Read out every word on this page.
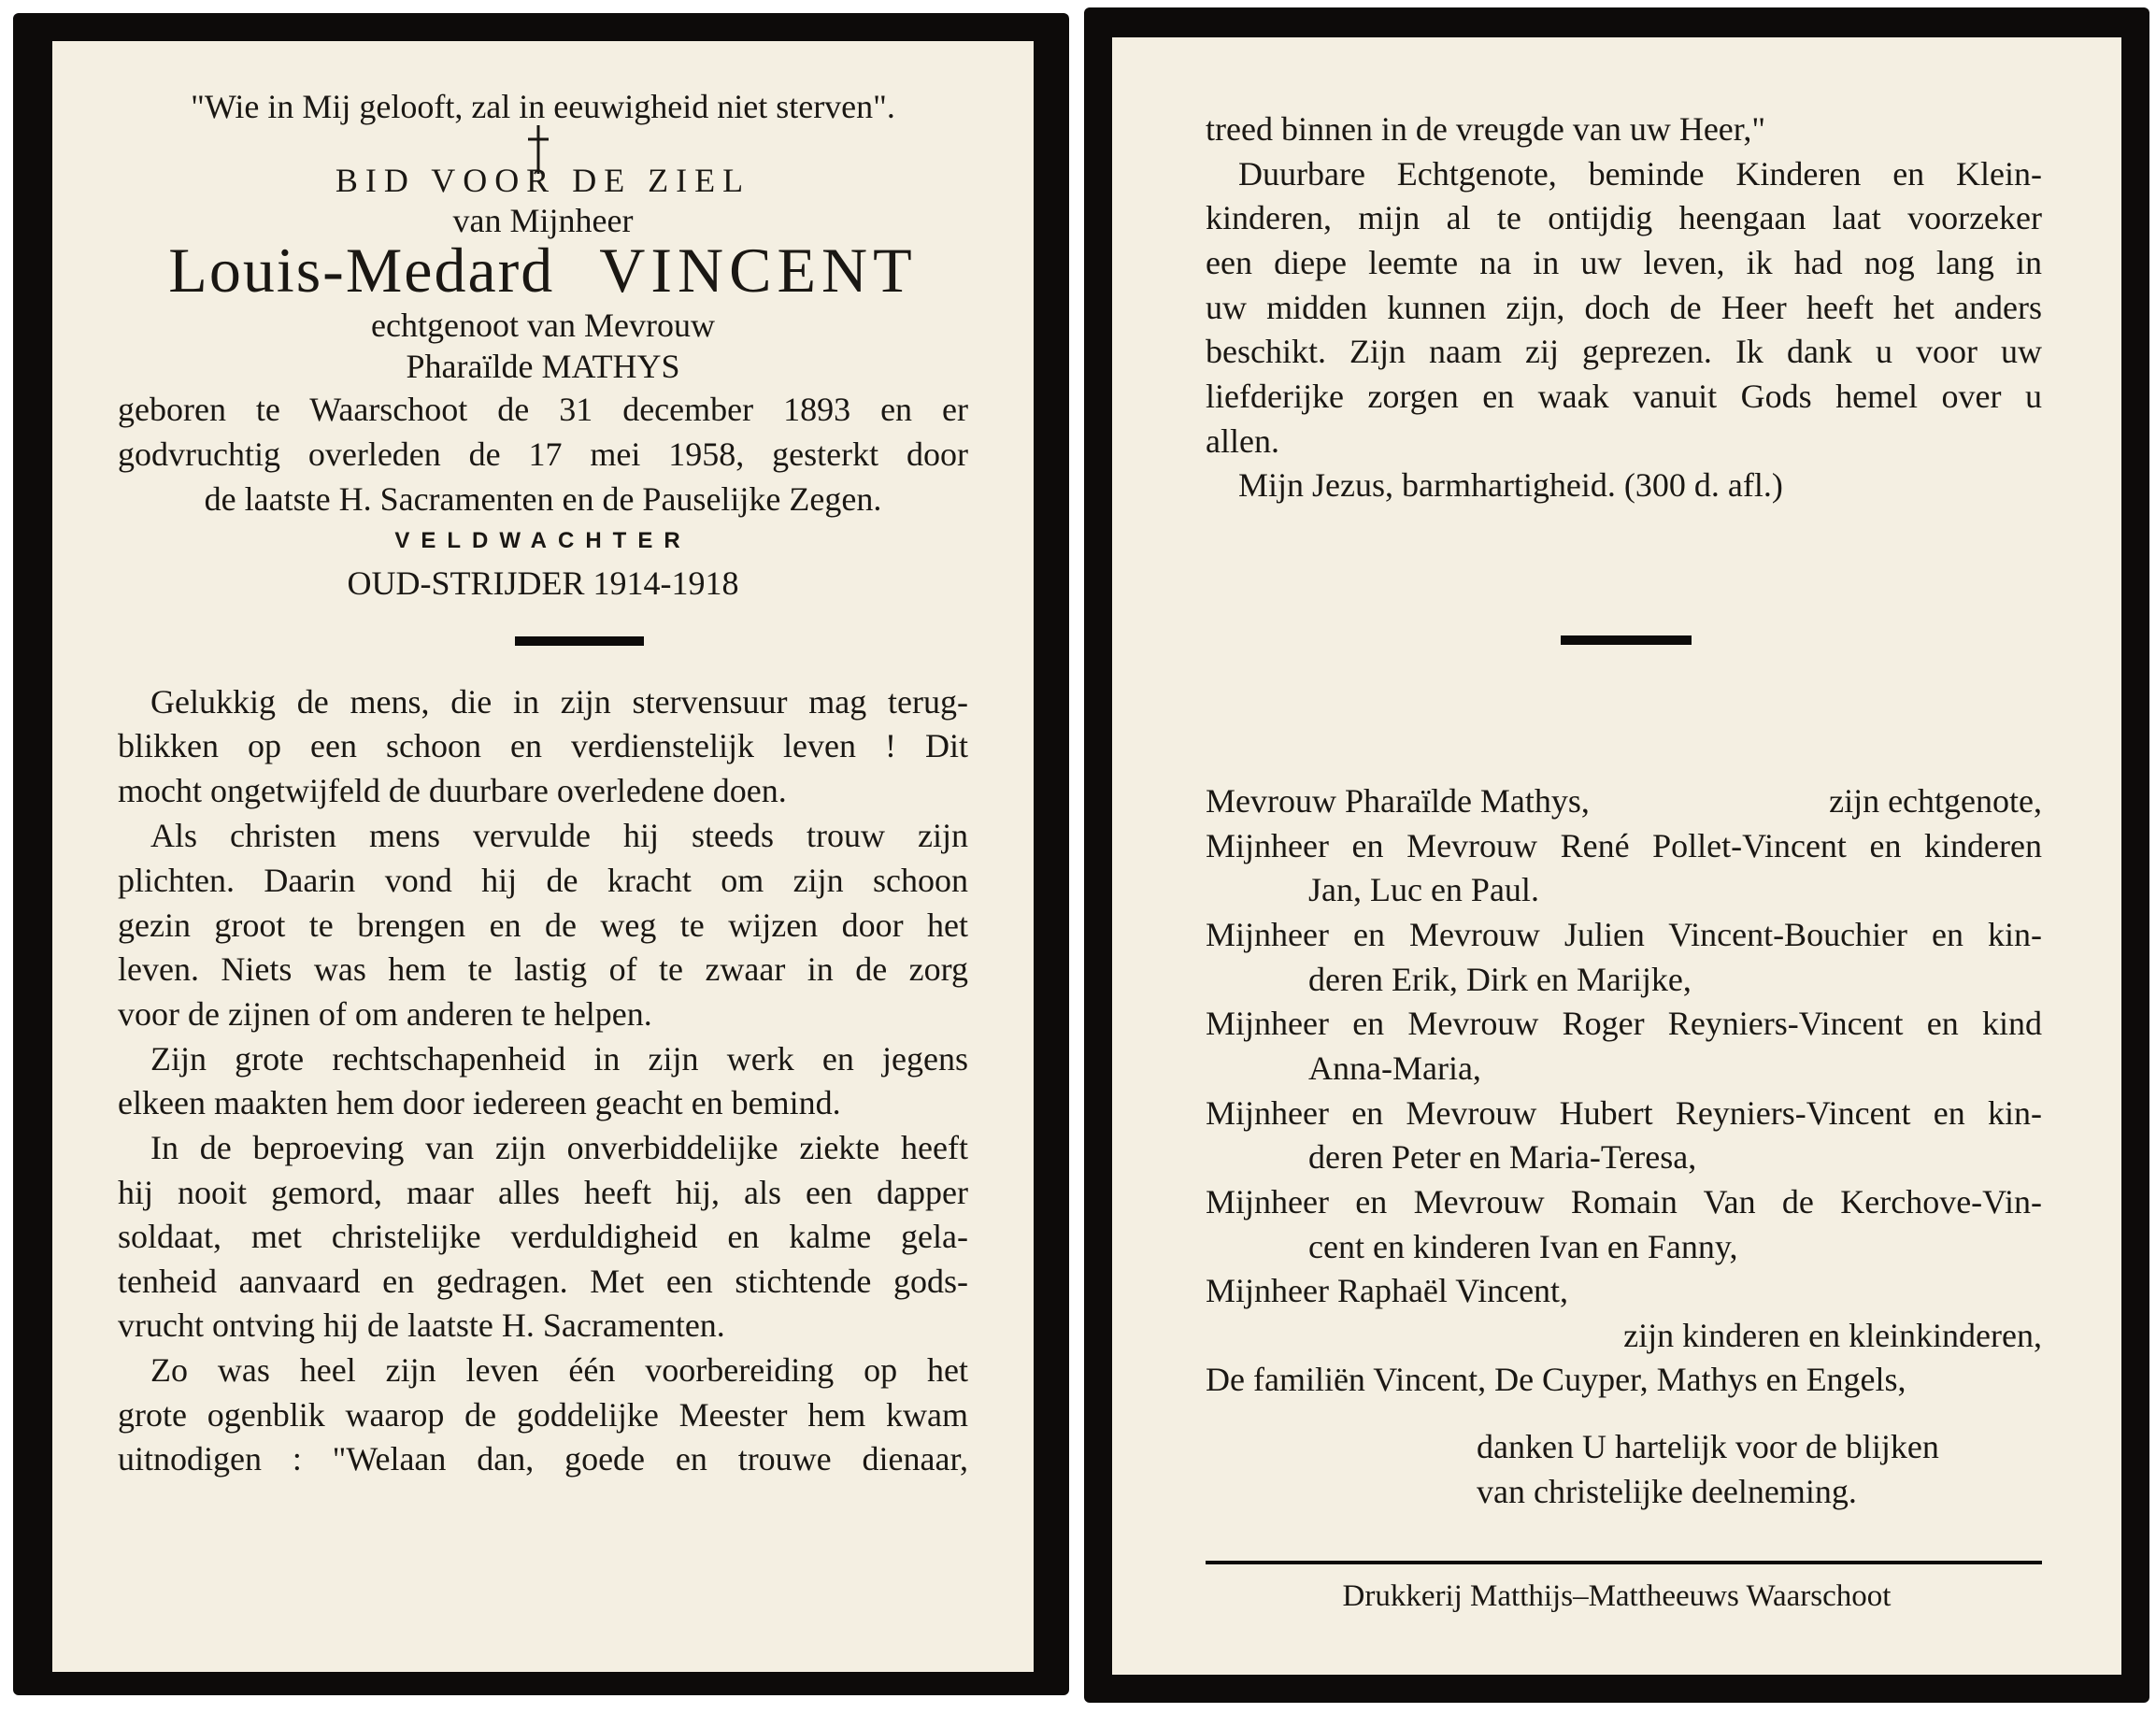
"Wie in Mij gelooft, zal in eeuwigheid niet sterven".
BID VOOR DE ZIEL
van Mijnheer
Louis-Medard VINCENT
echtgenoot van Mevrouw
Pharaïlde MATHYS
geboren te Waarschoot de 31 december 1893 en er
godvruchtig overleden de 17 mei 1958, gesterkt door
de laatste H. Sacramenten en de Pauselijke Zegen.
VELDWACHTER
OUD-STRIJDER 1914-1918
Gelukkig de mens, die in zijn stervensuur mag terug-
blikken op een schoon en verdienstelijk leven ! Dit
mocht ongetwijfeld de duurbare overledene doen.
Als christen mens vervulde hij steeds trouw zijn
plichten. Daarin vond hij de kracht om zijn schoon
gezin groot te brengen en de weg te wijzen door het
leven. Niets was hem te lastig of te zwaar in de zorg
voor de zijnen of om anderen te helpen.
Zijn grote rechtschapenheid in zijn werk en jegens
elkeen maakten hem door iedereen geacht en bemind.
In de beproeving van zijn onverbiddelijke ziekte heeft
hij nooit gemord, maar alles heeft hij, als een dapper
soldaat, met christelijke verduldigheid en kalme gela-
tenheid aanvaard en gedragen. Met een stichtende gods-
vrucht ontving hij de laatste H. Sacramenten.
Zo was heel zijn leven één voorbereiding op het
grote ogenblik waarop de goddelijke Meester hem kwam
uitnodigen : "Welaan dan, goede en trouwe dienaar,
treed binnen in de vreugde van uw Heer,"
Duurbare Echtgenote, beminde Kinderen en Klein-
kinderen, mijn al te ontijdig heengaan laat voorzeker
een diepe leemte na in uw leven, ik had nog lang in
uw midden kunnen zijn, doch de Heer heeft het anders
beschikt. Zijn naam zij geprezen. Ik dank u voor uw
liefderijke zorgen en waak vanuit Gods hemel over u
allen.
Mijn Jezus, barmhartigheid. (300 d. afl.)
Mevrouw Pharaïlde Mathys,	zijn echtgenote,
Mijnheer en Mevrouw René Pollet-Vincent en kinderen
Jan, Luc en Paul.
Mijnheer en Mevrouw Julien Vincent-Bouchier en kin-
deren Erik, Dirk en Marijke,
Mijnheer en Mevrouw Roger Reyniers-Vincent en kind
Anna-Maria,
Mijnheer en Mevrouw Hubert Reyniers-Vincent en kin-
deren Peter en Maria-Teresa,
Mijnheer en Mevrouw Romain Van de Kerchove-Vin-
cent en kinderen Ivan en Fanny,
Mijnheer Raphaël Vincent,
zijn kinderen en kleinkinderen,
De familiën Vincent, De Cuyper, Mathys en Engels,
danken U hartelijk voor de blijken
van christelijke deelneming.
Drukkerij Matthijs–Mattheeuws Waarschoot
